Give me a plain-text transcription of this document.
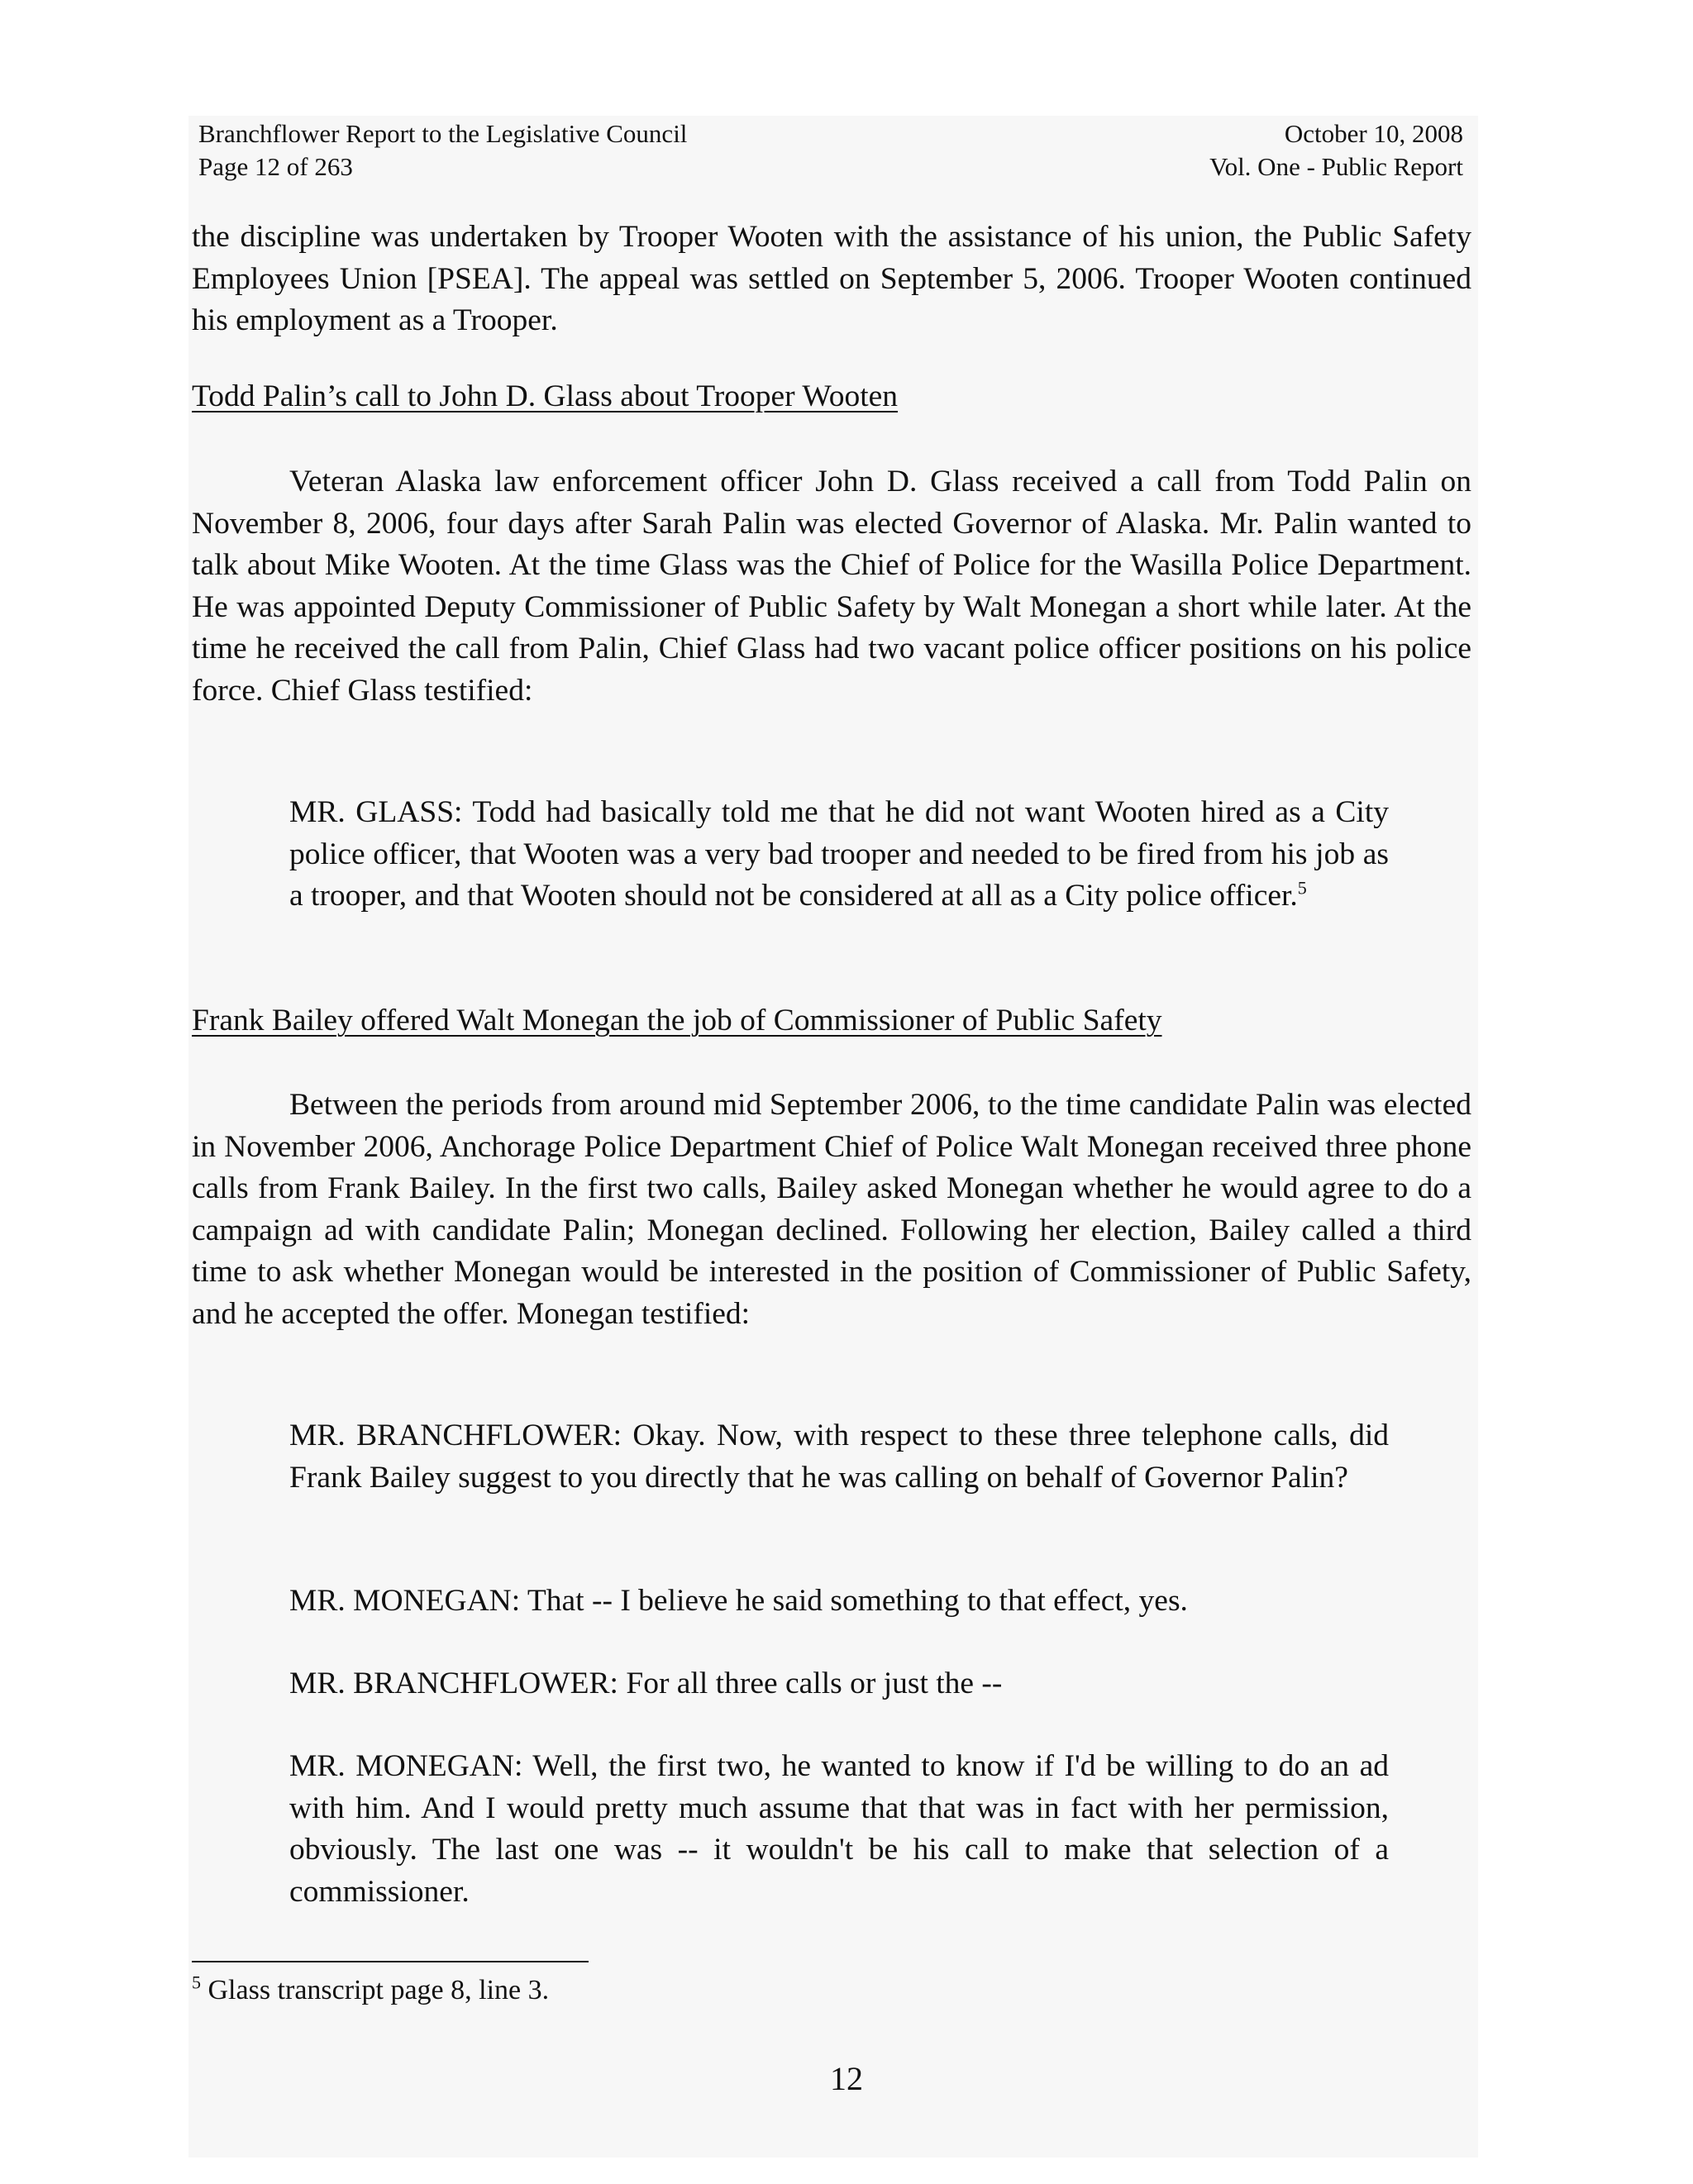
Branchflower Report to the Legislative Council
Page 12 of 263
October 10, 2008
Vol. One - Public Report

the discipline was undertaken by Trooper Wooten with the assistance of his union, the Public Safety Employees Union [PSEA]. The appeal was settled on September 5, 2006. Trooper Wooten continued his employment as a Trooper.

Todd Palin’s call to John D. Glass about Trooper Wooten

Veteran Alaska law enforcement officer John D. Glass received a call from Todd Palin on November 8, 2006, four days after Sarah Palin was elected Governor of Alaska. Mr. Palin wanted to talk about Mike Wooten. At the time Glass was the Chief of Police for the Wasilla Police Department. He was appointed Deputy Commissioner of Public Safety by Walt Monegan a short while later. At the time he received the call from Palin, Chief Glass had two vacant police officer positions on his police force. Chief Glass testified:

MR. GLASS: Todd had basically told me that he did not want Wooten hired as a City police officer, that Wooten was a very bad trooper and needed to be fired from his job as a trooper, and that Wooten should not be considered at all as a City police officer.$^5$

Frank Bailey offered Walt Monegan the job of Commissioner of Public Safety

Between the periods from around mid September 2006, to the time candidate Palin was elected in November 2006, Anchorage Police Department Chief of Police Walt Monegan received three phone calls from Frank Bailey. In the first two calls, Bailey asked Monegan whether he would agree to do a campaign ad with candidate Palin; Monegan declined. Following her election, Bailey called a third time to ask whether Monegan would be interested in the position of Commissioner of Public Safety, and he accepted the offer. Monegan testified:

MR. BRANCHFLOWER: Okay. Now, with respect to these three telephone calls, did Frank Bailey suggest to you directly that he was calling on behalf of Governor Palin?

MR. MONEGAN: That -- I believe he said something to that effect, yes.

MR. BRANCHFLOWER: For all three calls or just the --

MR. MONEGAN: Well, the first two, he wanted to know if I'd be willing to do an ad with him. And I would pretty much assume that that was in fact with her permission, obviously. The last one was -- it wouldn't be his call to make that selection of a commissioner.

$^5$ Glass transcript page 8, line 3.

12
